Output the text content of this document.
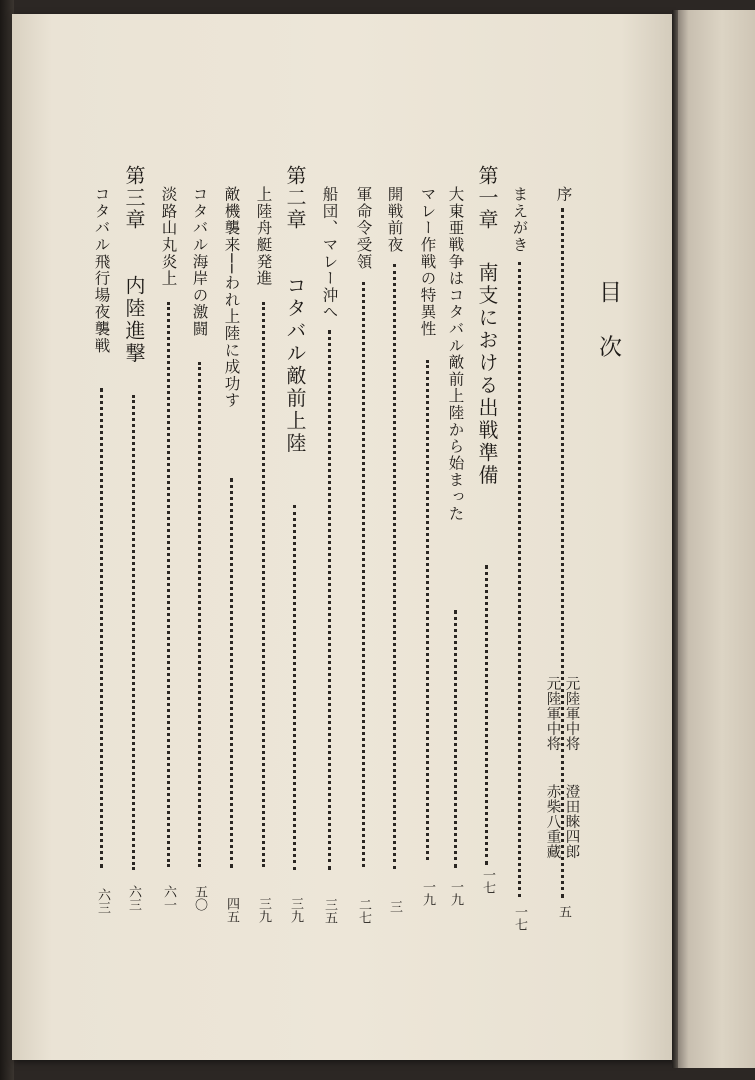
目 次
元陸軍中将
元陸軍中将
澄田睞四郎
赤柴八重藏
序
五
まえがき
一七
第一章
南支における出戦準備
一七
大東亜戦争はコタバル敵前上陸から始まった
一九
マレー作戦の特異性
一九
開戦前夜
三
軍命令受領
二七
船団、マレー沖へ
三五
第二章
コタバル敵前上陸
三九
上陸舟艇発進
三九
敵機襲来──われ上陸に成功す
四五
コタバル海岸の激闘
五〇
淡路山丸炎上
六一
第三章
内陸進撃
六三
コタバル飛行場夜襲戦
六三
